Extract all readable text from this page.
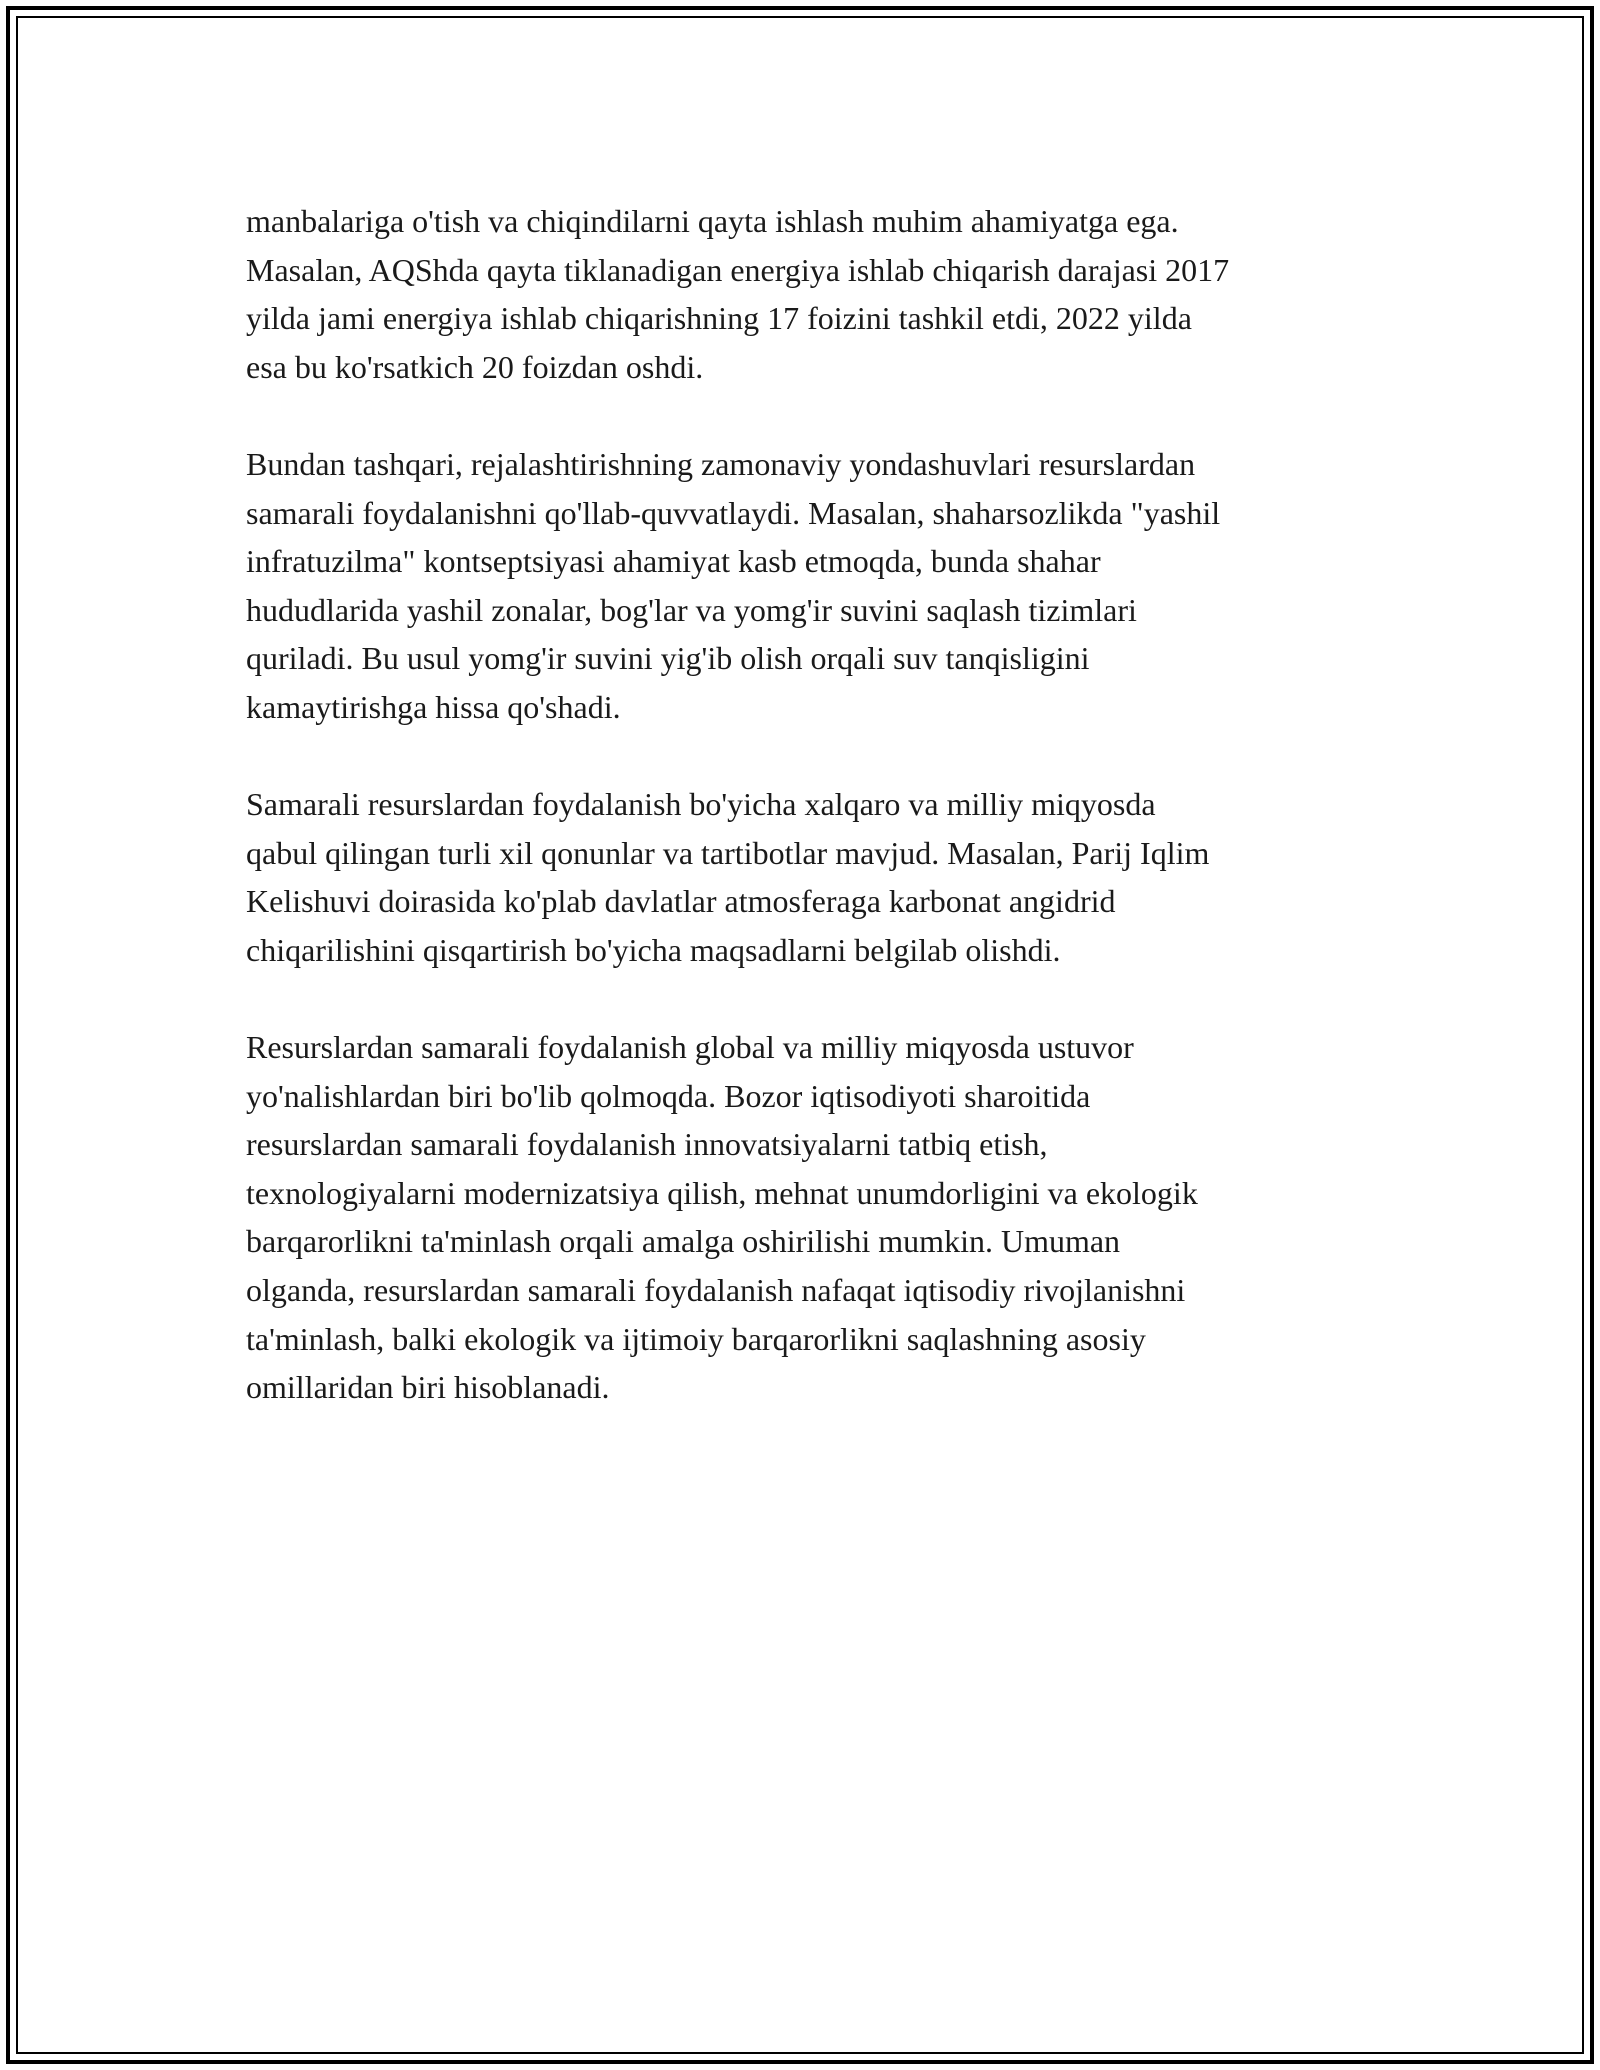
manbalariga o'tish va chiqindilarni qayta ishlash muhim ahamiyatga ega.
Masalan, AQShda qayta tiklanadigan energiya ishlab chiqarish darajasi 2017
yilda jami energiya ishlab chiqarishning 17 foizini tashkil etdi, 2022 yilda
esa bu ko'rsatkich 20 foizdan oshdi.

Bundan tashqari, rejalashtirishning zamonaviy yondashuvlari resurslardan
samarali foydalanishni qo'llab-quvvatlaydi. Masalan, shaharsozlikda "yashil
infratuzilma" kontseptsiyasi ahamiyat kasb etmoqda, bunda shahar
hududlarida yashil zonalar, bog'lar va yomg'ir suvini saqlash tizimlari
quriladi. Bu usul yomg'ir suvini yig'ib olish orqali suv tanqisligini
kamaytirishga hissa qo'shadi.

Samarali resurslardan foydalanish bo'yicha xalqaro va milliy miqyosda
qabul qilingan turli xil qonunlar va tartibotlar mavjud. Masalan, Parij Iqlim
Kelishuvi doirasida ko'plab davlatlar atmosferaga karbonat angidrid
chiqarilishini qisqartirish bo'yicha maqsadlarni belgilab olishdi.

Resurslardan samarali foydalanish global va milliy miqyosda ustuvor
yo'nalishlardan biri bo'lib qolmoqda. Bozor iqtisodiyoti sharoitida
resurslardan samarali foydalanish innovatsiyalarni tatbiq etish,
texnologiyalarni modernizatsiya qilish, mehnat unumdorligini va ekologik
barqarorlikni ta'minlash orqali amalga oshirilishi mumkin. Umuman
olganda, resurslardan samarali foydalanish nafaqat iqtisodiy rivojlanishni
ta'minlash, balki ekologik va ijtimoiy barqarorlikni saqlashning asosiy
omillaridan biri hisoblanadi.
